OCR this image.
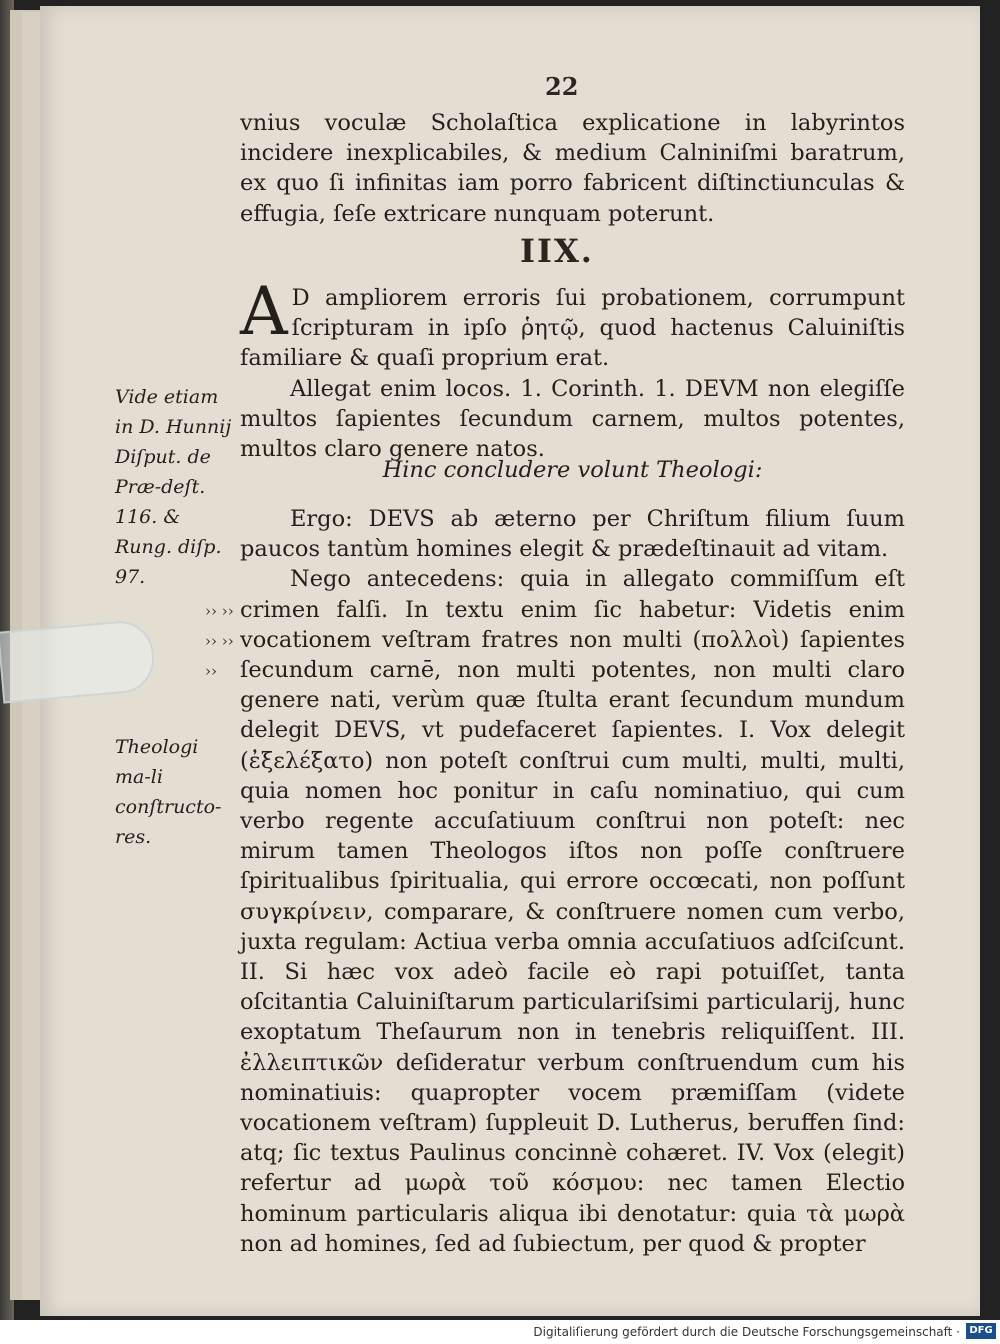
22

vnius voculæ Scholaſtica explicatione in labyrintos incidere inexplicabiles, & medium Calniniſmi baratrum, ex quo ſi infinitas iam porro fabricent diſtinctiunculas & effugia, ſeſe extricare nunquam poterunt.

IIX.

A D ampliorem erroris ſui probationem, corrumpunt ſcripturam in ipſo ῥητῷ, quod hactenus Caluiniſtis familiare & quaſi proprium erat.

Allegat enim locos. 1. Corinth. 1. DEVM non elegiſſe multos ſapientes ſecundum carnem, multos potentes, multos claro genere natos.

Hinc concludere volunt Theologi:

Ergo: DEVS ab æterno per Chriſtum filium ſuum paucos tantùm homines elegit & prædeſtinauit ad vitam.

Nego antecedens: quia in allegato commiſſum eſt crimen falſi. In textu enim ſic habetur: Videtis enim vocationem veſtram fratres non multi (πολλοὶ) ſapientes ſecundum carnē, non multi potentes, non multi claro genere nati, verùm quæ ſtulta erant ſecundum mundum delegit DEVS, vt pudefaceret ſapientes. I. Vox delegit (ἐξελέξατο) non poteſt conſtrui cum multi, multi, multi, quia nomen hoc ponitur in caſu nominatiuo, qui cum verbo regente accuſatiuum conſtrui non poteſt: nec mirum tamen Theologos iſtos non poſſe conſtruere ſpiritualibus ſpiritualia, qui errore occœcati, non poſſunt συγκρίνειν, comparare, & conſtruere nomen cum verbo, juxta regulam: Actiua verba omnia accuſatiuos adſciſcunt. II. Si hæc vox adeò facile eò rapi potuiſſet, tanta oſcitantia Caluiniſtarum particulariſsimi particularij, hunc exoptatum Theſaurum non in tenebris reliquiſſent. III. ἐλλειπτικῶν deſideratur verbum conſtruendum cum his nominatiuis: quapropter vocem præmiſſam (videte vocationem veſtram) ſuppleuit D. Lutherus, beruffen ſind: atq; ſic textus Paulinus concinnè cohæret. IV. Vox (elegit) refertur ad μωρὰ τοῦ κόσμου: nec tamen Electio hominum particularis aliqua ibi denotatur: quia τὰ μωρὰ non ad homines, ſed ad ſubiectum, per quod & propter

Vide etiam in D. Hunnij Diſput. de Præ-deſt. 116. & Rung. diſp. 97.
Theologi ma-li conſtructo-res.
›› ›› ›› ›› ››
Digitaliſierung gefördert durch die Deutsche Forschungsgemeinschaft · DFG
